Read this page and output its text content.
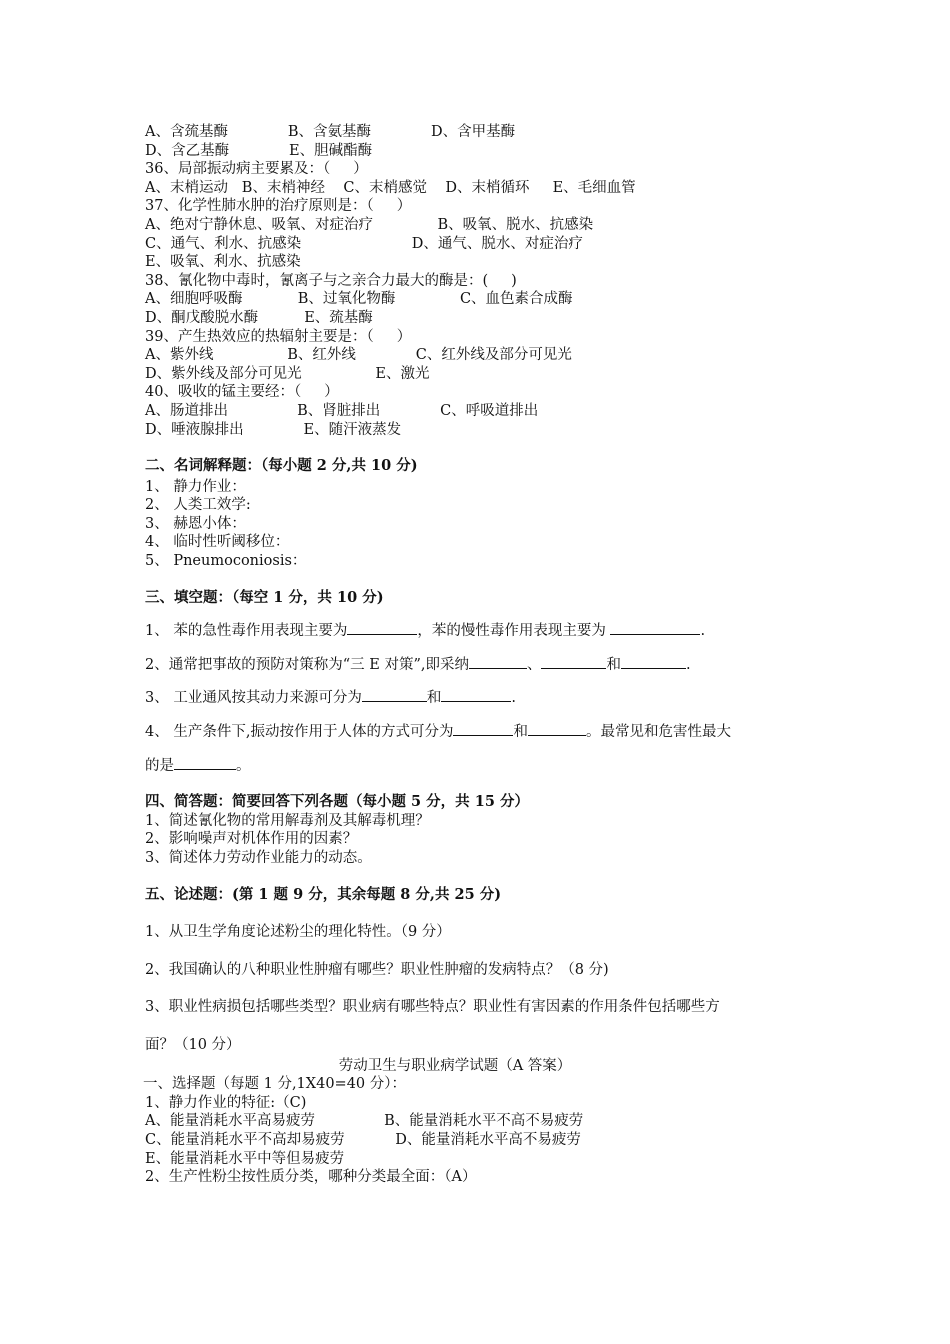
A、含巯基酶             B、含氨基酶             D、含甲基酶
D、含乙基酶             E、胆碱酯酶
36、局部振动病主要累及：（     ）
A、末梢运动   B、末梢神经    C、末梢感觉    D、末梢循环     E、毛细血管
37、化学性肺水肿的治疗原则是：（     ）
A、绝对宁静休息、吸氧、对症治疗              B、吸氧、脱水、抗感染
C、通气、利水、抗感染                        D、通气、脱水、对症治疗
E、吸氧、利水、抗感染
38、氰化物中毒时，氰离子与之亲合力最大的酶是：(     )
A、细胞呼吸酶            B、过氧化物酶              C、血色素合成酶
D、酮戊酸脱水酶          E、巯基酶
39、产生热效应的热辐射主要是：（     ）
A、紫外线                B、红外线             C、红外线及部分可见光
D、紫外线及部分可见光                E、激光
40、吸收的锰主要经：（     ）
A、肠道排出               B、肾脏排出             C、呼吸道排出
D、唾液腺排出             E、随汗液蒸发
二、名词解释题：（每小题 2 分,共 10 分)
1、 静力作业：
2、 人类工效学:
3、 赫恩小体：
4、 临时性听阈移位：
5、 Pneumoconiosis：
三、填空题：（每空 1 分，共 10 分)
1、 苯的急性毒作用表现主要为	，苯的慢性毒作用表现主要为	.
2、通常把事故的预防对策称为“三 E 对策”,即采纳	、	和	.
3、 工业通风按其动力来源可分为	和	.
4、 生产条件下,振动按作用于人体的方式可分为	和	。最常见和危害性最大
的是	。
四、简答题：简要回答下列各题（每小题 5 分，共 15 分）
1、简述氰化物的常用解毒剂及其解毒机理？
2、影响噪声对机体作用的因素？
3、简述体力劳动作业能力的动态。
五、论述题：(第 1 题 9 分，其余每题 8 分,共 25 分)
1、从卫生学角度论述粉尘的理化特性。（9 分）
2、我国确认的八种职业性肿瘤有哪些？职业性肿瘤的发病特点？（8 分)
3、职业性病损包括哪些类型？职业病有哪些特点？职业性有害因素的作用条件包括哪些方
面？（10 分）
劳动卫生与职业病学试题（A 答案）
一、选择题（每题 1 分,1X40=40 分）：
1、静力作业的特征:（C)
A、能量消耗水平高易疲劳               B、能量消耗水平不高不易疲劳
C、能量消耗水平不高却易疲劳           D、能量消耗水平高不易疲劳
E、能量消耗水平中等但易疲劳
2、生产性粉尘按性质分类，哪种分类最全面：（A）
